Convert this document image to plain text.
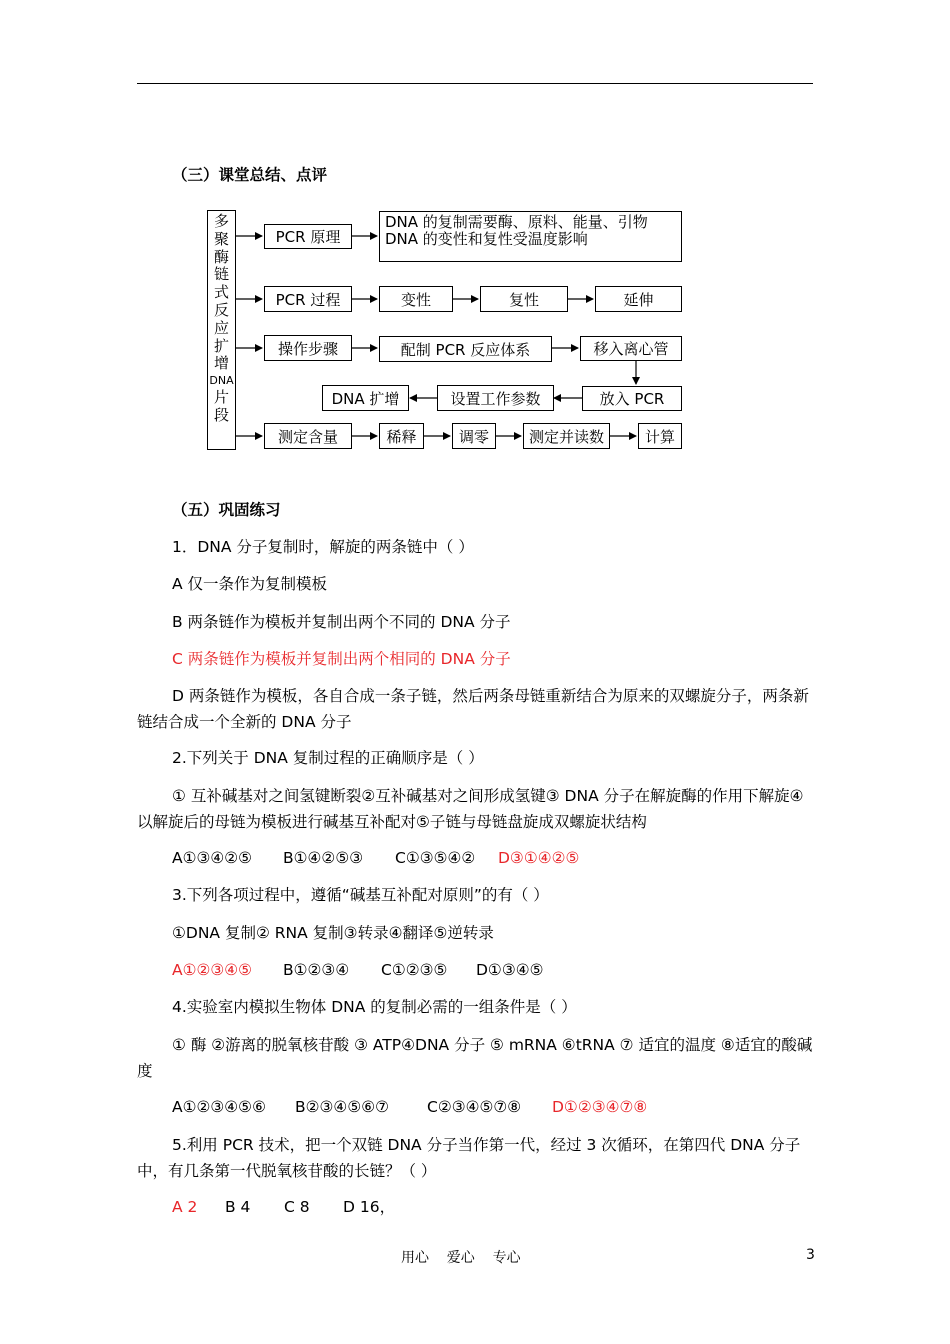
（三）课堂总结、点评
多
聚
酶
链
式
反
应
扩
增
DNA
片
段
PCR 原理
DNA 的复制需要酶、原料、能量、引物
DNA 的变性和复性受温度影响
PCR 过程	变性	复性	延伸
操作步骤	配制 PCR 反应体系	移入离心管
放入 PCR
设置工作参数
DNA 扩增
测定含量	稀释	调零	测定并读数	计算
（五）巩固练习
1．DNA 分子复制时，解旋的两条链中（ ）
A 仅一条作为复制模板
B 两条链作为模板并复制出两个不同的 DNA 分子
C 两条链作为模板并复制出两个相同的 DNA 分子
D 两条链作为模板，各自合成一条子链，然后两条母链重新结合为原来的双螺旋分子，两条新链结合成一个全新的 DNA 分子
2.下列关于 DNA 复制过程的正确顺序是（ ）
① 互补碱基对之间氢键断裂②互补碱基对之间形成氢键③ DNA 分子在解旋酶的作用下解旋④以解旋后的母链为模板进行碱基互补配对⑤子链与母链盘旋成双螺旋状结构
A①③④②⑤ B①④②⑤③ C①③⑤④② D③①④②⑤
3.下列各项过程中，遵循“碱基互补配对原则”的有（ ）
①DNA 复制② RNA 复制③转录④翻译⑤逆转录
A①②③④⑤ B①②③④ C①②③⑤ D①③④⑤
4.实验室内模拟生物体 DNA 的复制必需的一组条件是（ ）
① 酶 ②游离的脱氧核苷酸 ③ ATP④DNA 分子 ⑤ mRNA ⑥tRNA ⑦ 适宜的温度 ⑧适宜的酸碱度
A①②③④⑤⑥ B②③④⑤⑥⑦ C②③④⑤⑦⑧ D①②③④⑦⑧
5.利用 PCR 技术，把一个双链 DNA 分子当作第一代，经过 3 次循环，在第四代 DNA 分子中，有几条第一代脱氧核苷酸的长链？（ ）
A 2 B 4 C 8 D 16，
用心    爱心    专心	3
